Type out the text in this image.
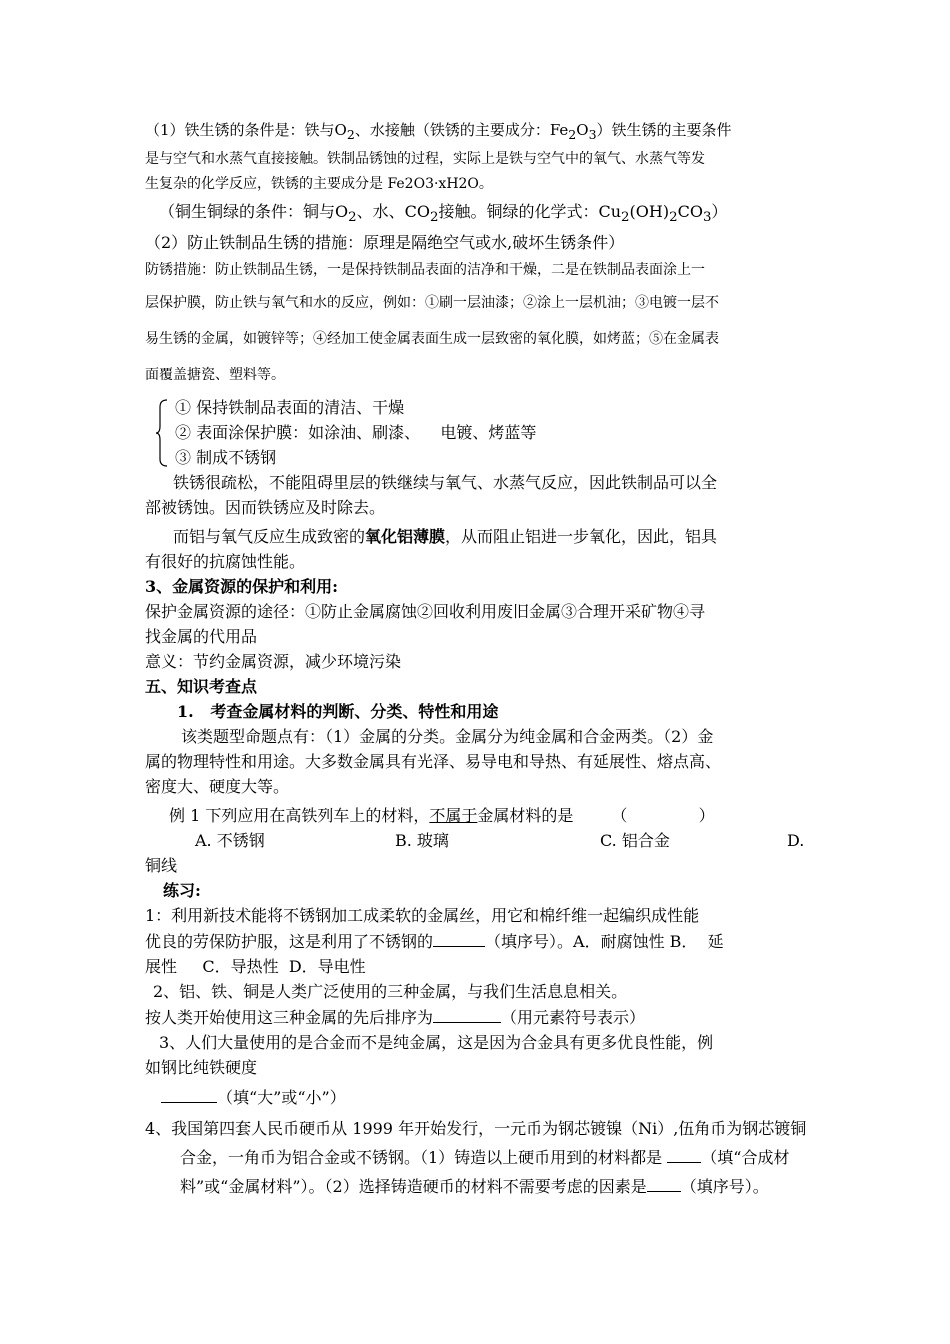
（1）铁生锈的条件是：铁与$O_2$、水接触（铁锈的主要成分：$Fe_2O_3$）铁生锈的主要条件

是与空气和水蒸气直接接触。铁制品锈蚀的过程，实际上是铁与空气中的氧气、水蒸气等发

生复杂的化学反应，铁锈的主要成分是 Fe2O3·xH2O。

（铜生铜绿的条件：铜与$O_2$、水、$CO_2$接触。铜绿的化学式：$Cu_2(OH)_2CO_3$）

（2）防止铁制品生锈的措施：原理是隔绝空气或水,破坏生锈条件）

防锈措施：防止铁制品生锈，一是保持铁制品表面的洁净和干燥，二是在铁制品表面涂上一

层保护膜，防止铁与氧气和水的反应，例如：①刷一层油漆；②涂上一层机油；③电镀一层不

易生锈的金属，如镀锌等；④经加工使金属表面生成一层致密的氧化膜，如烤蓝；⑤在金属表

面覆盖搪瓷、塑料等。

① 保持铁制品表面的清洁、干燥

② 表面涂保护膜：如涂油、刷漆、    电镀、烤蓝等

③ 制成不锈钢

铁锈很疏松，不能阻碍里层的铁继续与氧气、水蒸气反应，因此铁制品可以全

部被锈蚀。因而铁锈应及时除去。

而铝与氧气反应生成致密的氧化铝薄膜，从而阻止铝进一步氧化，因此，铝具

有很好的抗腐蚀性能。

3、金属资源的保护和利用:

保护金属资源的途径：①防止金属腐蚀②回收利用废旧金属③合理开采矿物④寻

找金属的代用品

意义：节约金属资源，减少环境污染

五、知识考查点

1.   考查金属材料的判断、分类、特性和用途

该类题型命题点有：（1）金属的分类。金属分为纯金属和合金两类。（2）金

属的物理特性和用途。大多数金属具有光泽、易导电和导热、有延展性、熔点高、

密度大、硬度大等。

例 1 下列应用在高铁列车上的材料，不属于金属材料的是 （              ）

A. 不锈钢	B. 玻璃	C. 铝合金	D.

铜线

练习:

1：利用新技术能将不锈钢加工成柔软的金属丝，用它和棉纤维一起编织成性能

优良的劳保防护服，这是利用了不锈钢的	（填序号）。A．耐腐蚀性 B．  延

展性     C．导热性  D．导电性

2、铝、铁、铜是人类广泛使用的三种金属，与我们生活息息相关。

按人类开始使用这三种金属的先后排序为	（用元素符号表示）

3、人们大量使用的是合金而不是纯金属，这是因为合金具有更多优良性能，例

如钢比纯铁硬度

（填“大”或“小”）

4、我国第四套人民币硬币从 1999 年开始发行，一元币为钢芯镀镍（Ni）,伍角币为钢芯镀铜合金，一角币为铝合金或不锈钢。（1）铸造以上硬币用到的材料都是 （填“合成材料”或“金属材料”）。（2）选择铸造硬币的材料不需要考虑的因素是 （填序号）。
